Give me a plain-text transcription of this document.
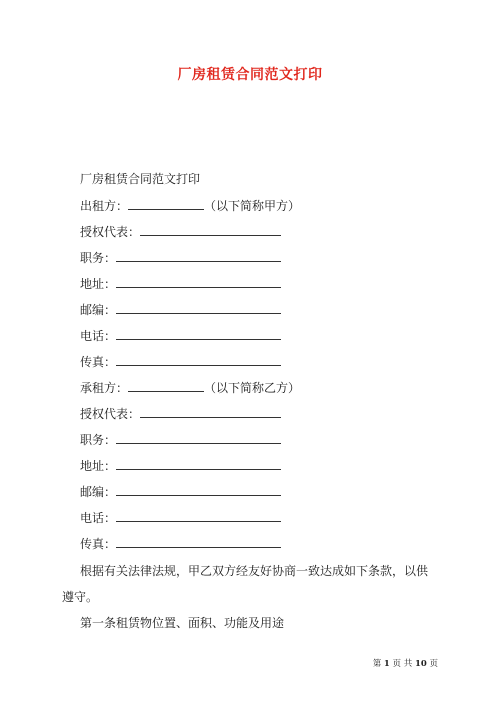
厂房租赁合同范文打印
厂房租赁合同范文打印
出租方：	（以下简称甲方）
授权代表：
职务：
地址：
邮编：
电话：
传真：
承租方：	（以下简称乙方）
授权代表：
职务：
地址：
邮编：
电话：
传真：
根据有关法律法规，甲乙双方经友好协商一致达成如下条款，以供遵守。
第一条租赁物位置、面积、功能及用途
第 1 页 共 10 页
